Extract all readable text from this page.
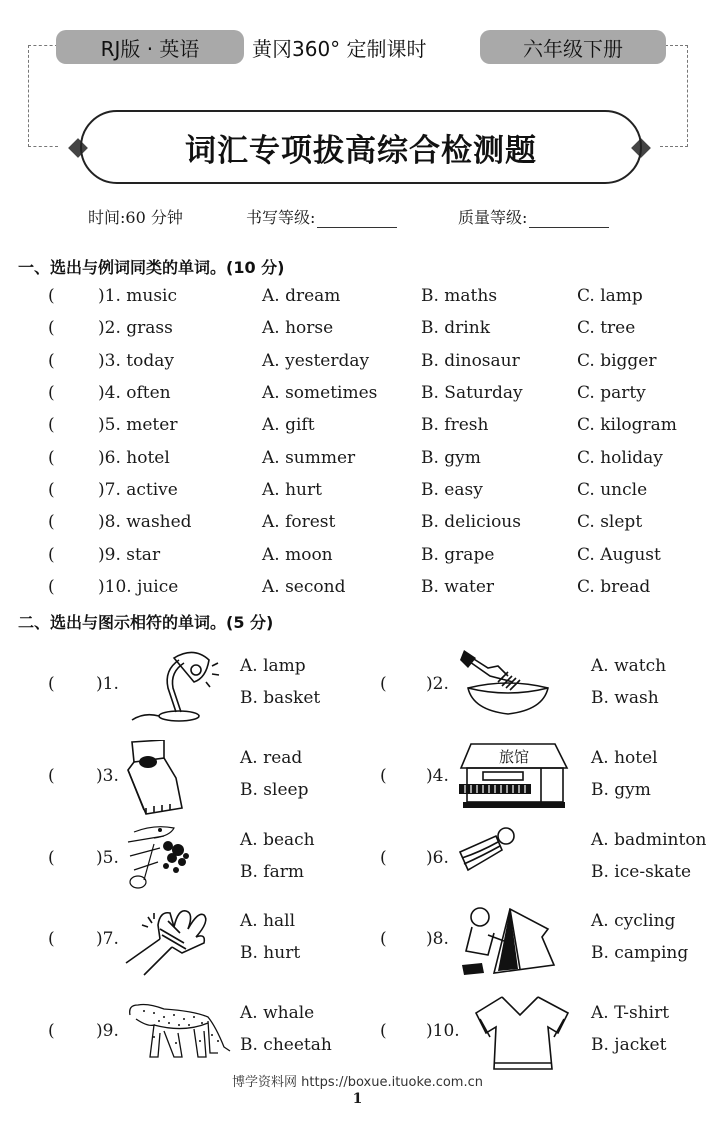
RJ版 · 英语	黄冈360° 定制课时	六年级下册
词汇专项拔高综合检测题
时间:60 分钟	书写等级:	质量等级:
一、选出与例词同类的单词。(10 分)
(	)1. music	A. dream	B. maths	C. lamp
(	)2. grass	A. horse	B. drink	C. tree
(	)3. today	A. yesterday	B. dinosaur	C. bigger
(	)4. often	A. sometimes	B. Saturday	C. party
(	)5. meter	A. gift	B. fresh	C. kilogram
(	)6. hotel	A. summer	B. gym	C. holiday
(	)7. active	A. hurt	B. easy	C. uncle
(	)8. washed	A. forest	B. delicious	C. slept
(	)9. star	A. moon	B. grape	C. August
(	)10. juice	A. second	B. water	C. bread
二、选出与图示相符的单词。(5 分)
( )1.
A. lamp
B. basket
( )2.
A. watch
B. wash
( )3.
A. read
B. sleep
( )4.
旅馆	A. hotel
B. gym
( )5.
A. beach
B. farm
( )6.
A. badminton
B. ice-skate
( )7.
A. hall
B. hurt
( )8.
A. cycling
B. camping
( )9.
A. whale
B. cheetah
( )10.
A. T-shirt
B. jacket
博学资料网 https://boxue.ituoke.com.cn
1
